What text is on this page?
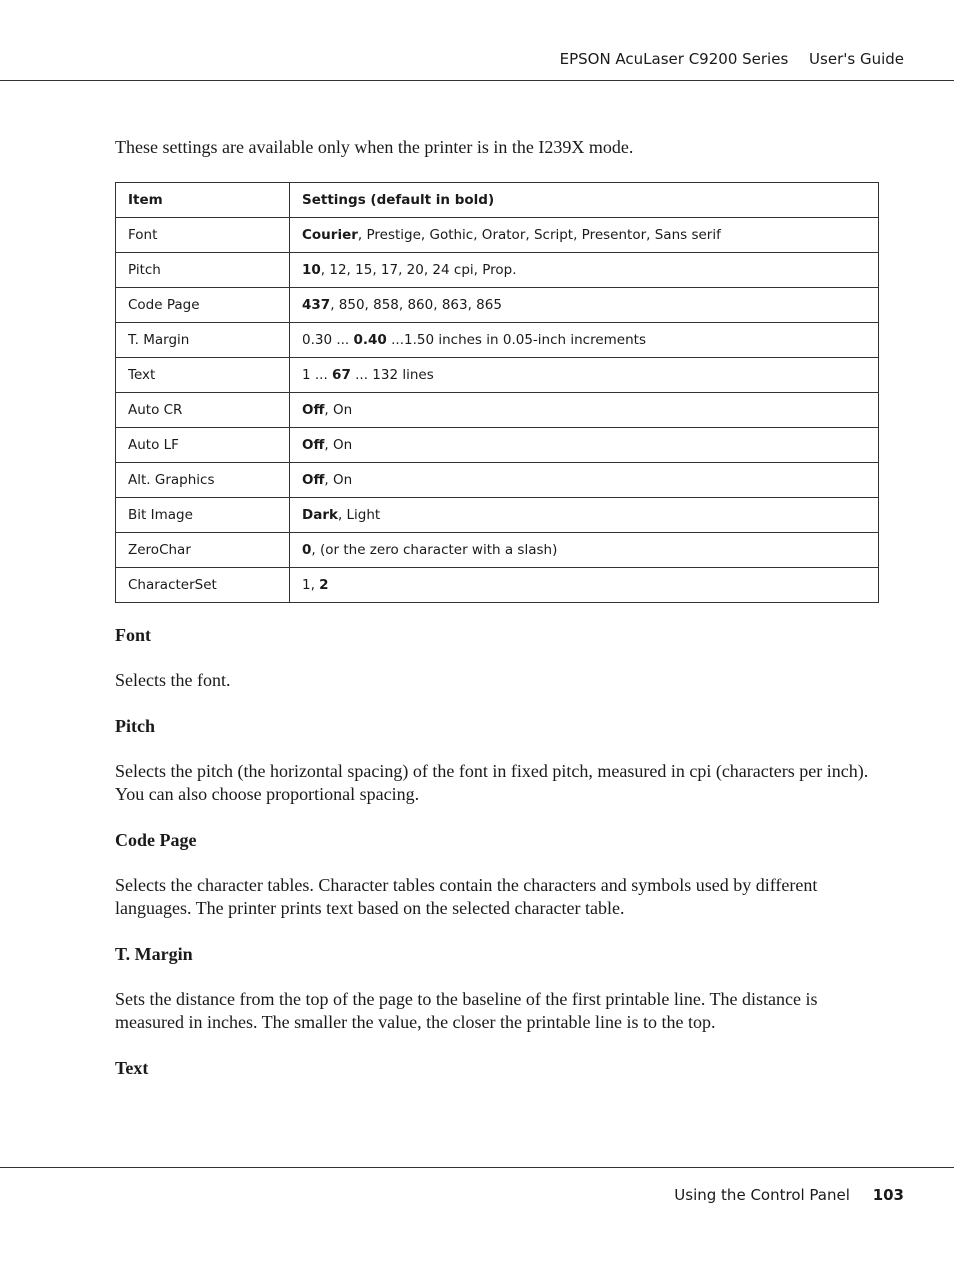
EPSON AcuLaser C9200 Series User's Guide

These settings are available only when the printer is in the I239X mode.

Item	Settings (default in bold)
Font	Courier, Prestige, Gothic, Orator, Script, Presentor, Sans serif
Pitch	10, 12, 15, 17, 20, 24 cpi, Prop.
Code Page	437, 850, 858, 860, 863, 865
T. Margin	0.30 ... 0.40 ...1.50 inches in 0.05-inch increments
Text	1 ... 67 ... 132 lines
Auto CR	Off, On
Auto LF	Off, On
Alt. Graphics	Off, On
Bit Image	Dark, Light
ZeroChar	0, (or the zero character with a slash)
CharacterSet	1, 2
Font

Selects the font.

Pitch

Selects the pitch (the horizontal spacing) of the font in fixed pitch, measured in cpi (characters per inch). You can also choose proportional spacing.

Code Page

Selects the character tables. Character tables contain the characters and symbols used by different languages. The printer prints text based on the selected character table.

T. Margin

Sets the distance from the top of the page to the baseline of the first printable line. The distance is measured in inches. The smaller the value, the closer the printable line is to the top.

Text
Using the Control Panel 103
